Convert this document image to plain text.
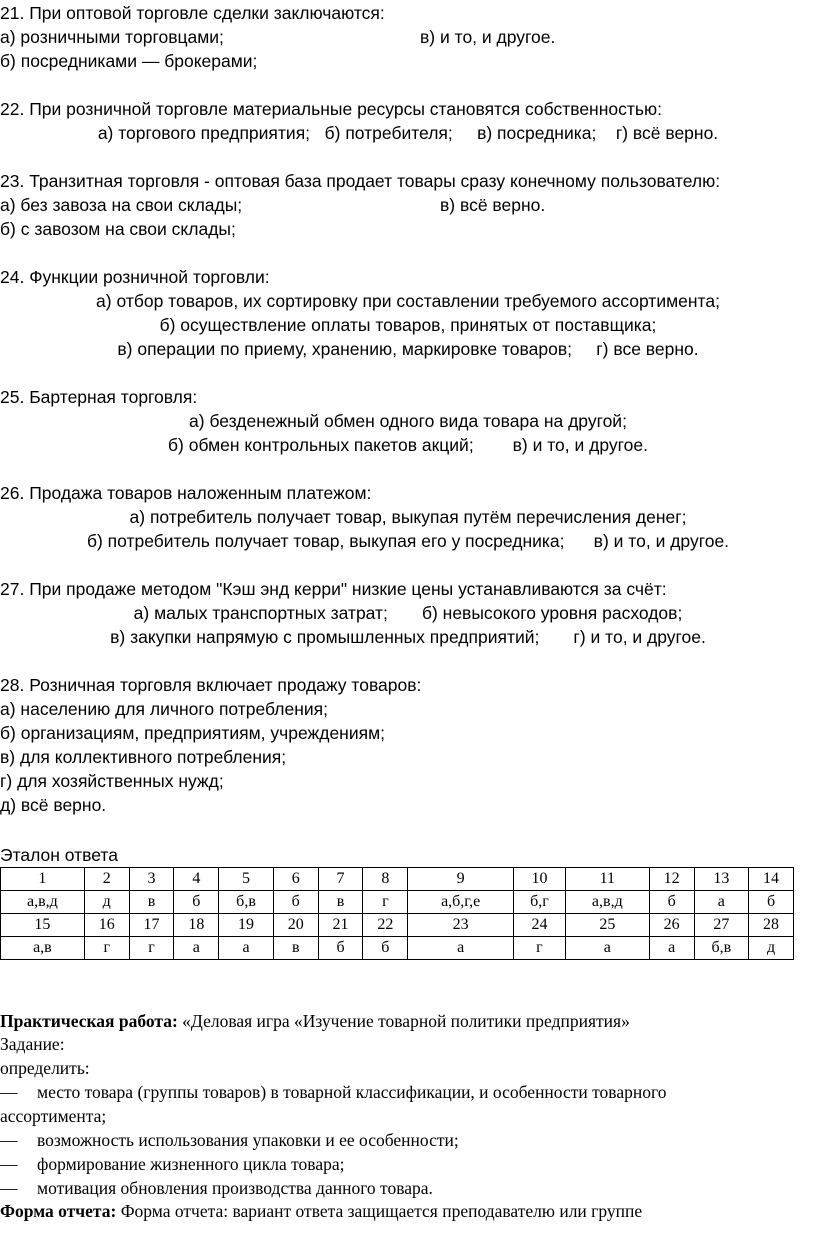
21. При оптовой торговле сделки заключаются:
а) розничными торговцами;	в) и то, и другое.
б) посредниками — брокерами;
22. При розничной торговле материальные ресурсы становятся собственностью:
а) торгового предприятия;   б) потребителя;     в) посредника;    г) всё верно.
23. Транзитная торговля - оптовая база продает товары сразу конечному пользователю:
а) без завоза на свои склады;	в) всё верно.
б) с завозом на свои склады;
24. Функции розничной торговли:
а) отбор товаров, их сортировку при составлении требуемого ассортимента;
б) осуществление оплаты товаров, принятых от поставщика;
в) операции по приему, хранению, маркировке товаров;     г) все верно.
25. Бартерная торговля:
а) безденежный обмен одного вида товара на другой;
б) обмен контрольных пакетов акций;        в) и то, и другое.
26. Продажа товаров наложенным платежом:
а) потребитель получает товар, выкупая путём перечисления денег;
б) потребитель получает товар, выкупая его у посредника;      в) и то, и другое.
27. При продаже методом "Кэш энд керри" низкие цены устанавливаются за счёт:
а) малых транспортных затрат;       б) невысокого уровня расходов;
в) закупки напрямую с промышленных предприятий;       г) и то, и другое.
28. Розничная торговля включает продажу товаров:
а) населению для личного потребления;
б) организациям, предприятиям, учреждениям;
в) для коллективного потребления;
г) для хозяйственных нужд;
д) всё верно.
Эталон ответа
1	2	3	4	5	6	7	8	9	10	11	12	13	14
а,в,д	д	в	б	б,в	б	в	г	а,б,г,е	б,г	а,в,д	б	а	б
15	16	17	18	19	20	21	22	23	24	25	26	27	28
а,в	г	г	а	а	в	б	б	а	г	а	а	б,в	д
Практическая работа: «Деловая игра «Изучение товарной политики предприятия»
Задание:
определить:
— место товара (группы товаров) в товарной классификации, и особенности товарного
ассортимента;
— возможность использования упаковки и ее особенности;
— формирование жизненного цикла товара;
— мотивация обновления производства данного товара.
Форма отчета: Форма отчета: вариант ответа защищается преподавателю или группе
